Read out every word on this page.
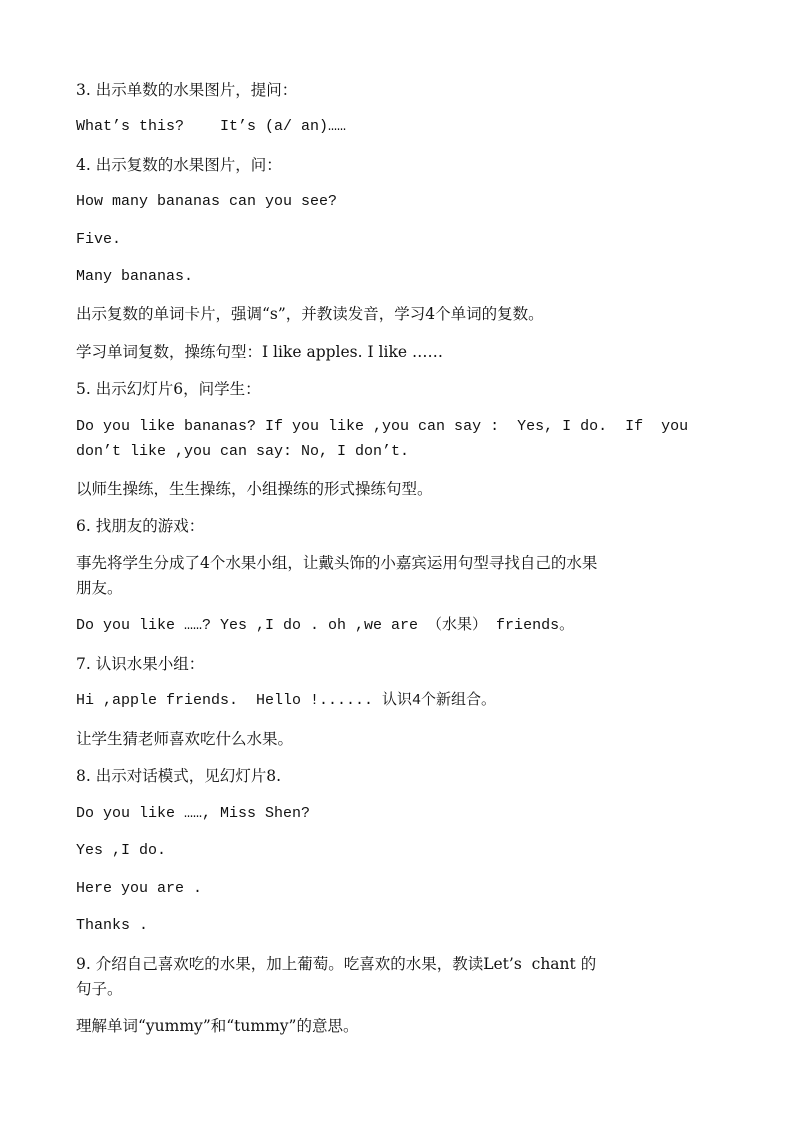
3. 出示单数的水果图片，提问：
What’s this?    It’s (a/ an)……
4. 出示复数的水果图片，问：
How many bananas can you see?
Five.
Many bananas.
出示复数的单词卡片，强调“s”，并教读发音，学习4个单词的复数。
学习单词复数，操练句型：I like apples. I like ……
5. 出示幻灯片6，问学生：
Do you like bananas? If you like ,you can say :  Yes, I do.  If  you
don’t like ,you can say: No, I don’t.
以师生操练，生生操练，小组操练的形式操练句型。
6. 找朋友的游戏：
事先将学生分成了4个水果小组，让戴头饰的小嘉宾运用句型寻找自己的水果
朋友。
Do you like ……? Yes ,I do . oh ,we are （水果） friends。
7. 认识水果小组：
Hi ,apple friends.  Hello !...... 认识4个新组合。
让学生猜老师喜欢吃什么水果。
8. 出示对话模式，见幻灯片8.
Do you like ……, Miss Shen?
Yes ,I do.
Here you are .
Thanks .
9. 介绍自己喜欢吃的水果，加上葡萄。吃喜欢的水果，教读Let’s  chant 的
句子。
理解单词“yummy”和“tummy”的意思。
